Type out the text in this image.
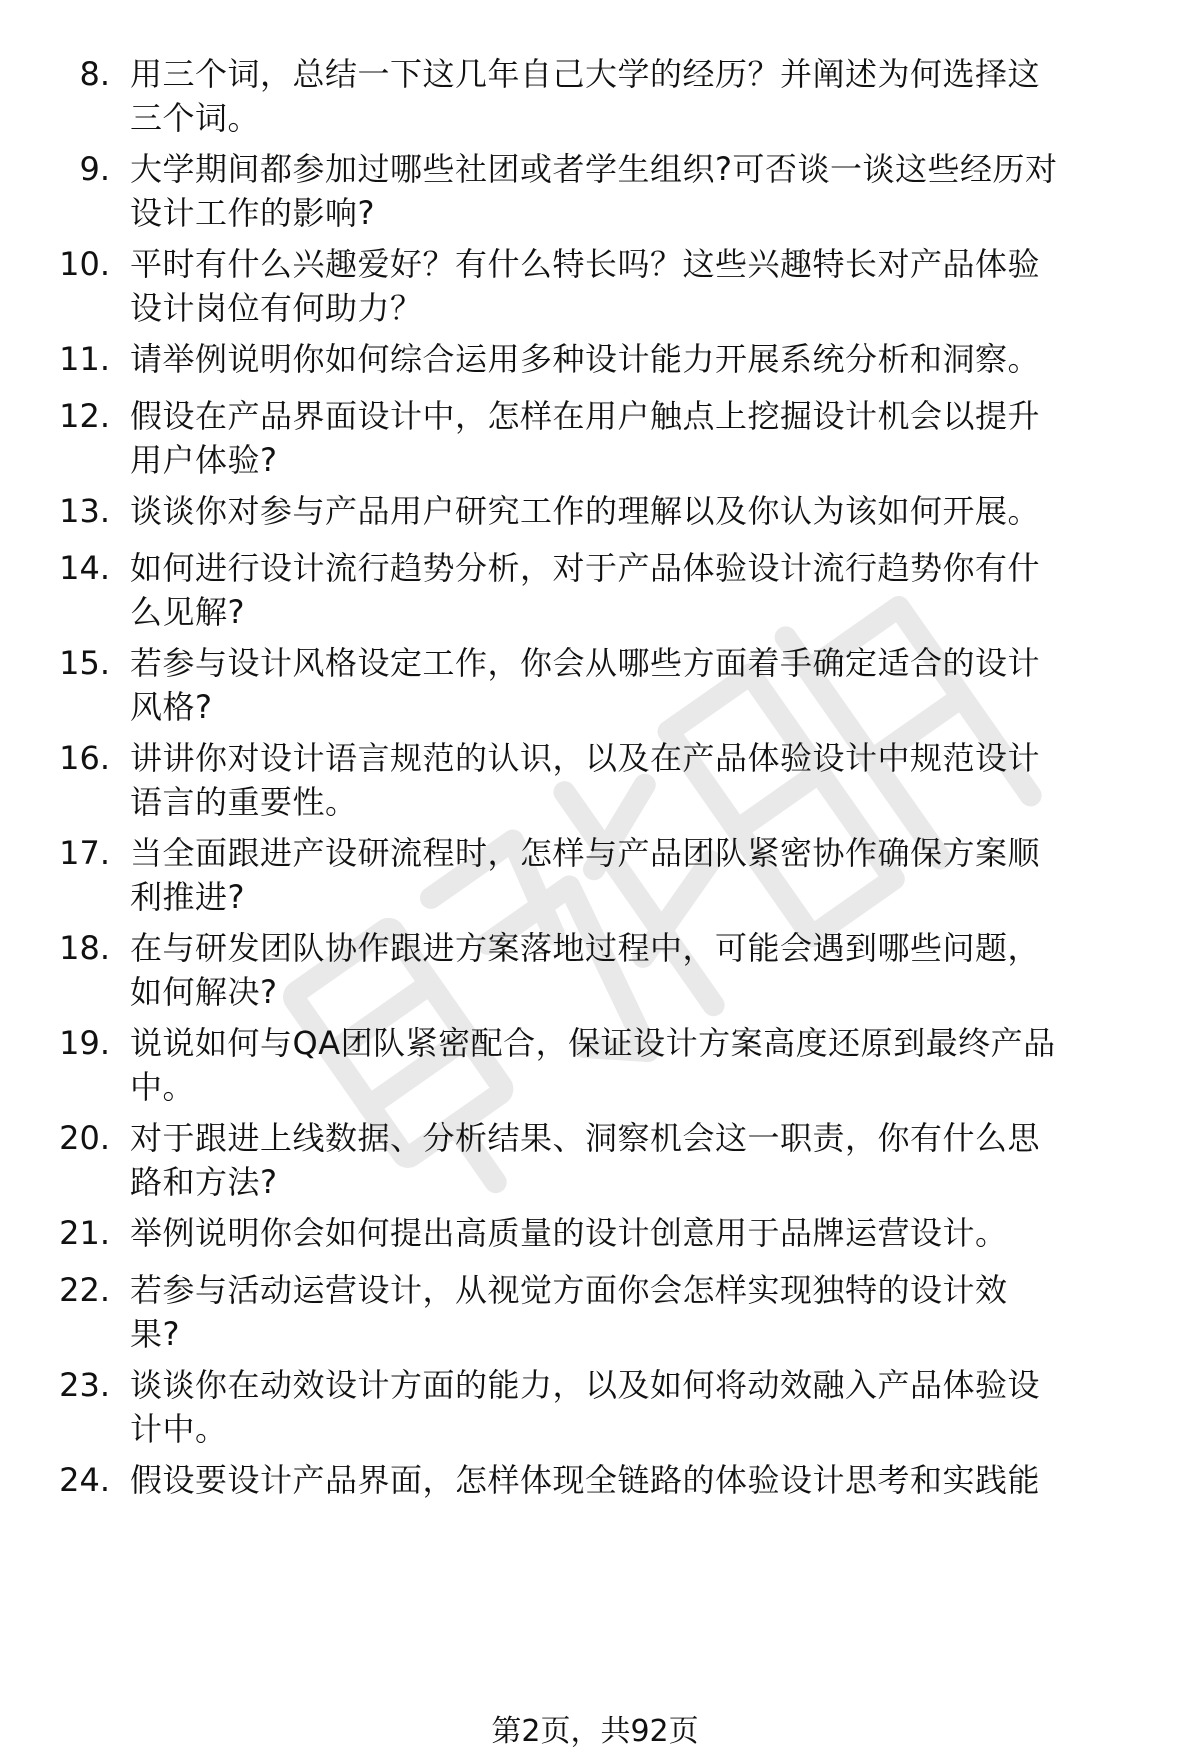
8. 用三个词，总结一下这几年自己大学的经历？并阐述为何选择这
三个词。
9. 大学期间都参加过哪些社团或者学生组织?可否谈一谈这些经历对
设计工作的影响?
10. 平时有什么兴趣爱好？有什么特长吗？这些兴趣特长对产品体验
设计岗位有何助力？
11. 请举例说明你如何综合运用多种设计能力开展系统分析和洞察。
12. 假设在产品界面设计中，怎样在用户触点上挖掘设计机会以提升
用户体验?
13. 谈谈你对参与产品用户研究工作的理解以及你认为该如何开展。
14. 如何进行设计流行趋势分析，对于产品体验设计流行趋势你有什
么见解?
15. 若参与设计风格设定工作，你会从哪些方面着手确定适合的设计
风格?
16. 讲讲你对设计语言规范的认识，以及在产品体验设计中规范设计
语言的重要性。
17. 当全面跟进产设研流程时，怎样与产品团队紧密协作确保方案顺
利推进?
18. 在与研发团队协作跟进方案落地过程中，可能会遇到哪些问题，
如何解决?
19. 说说如何与QA团队紧密配合，保证设计方案高度还原到最终产品
中。
20. 对于跟进上线数据、分析结果、洞察机会这一职责，你有什么思
路和方法?
21. 举例说明你会如何提出高质量的设计创意用于品牌运营设计。
22. 若参与活动运营设计，从视觉方面你会怎样实现独特的设计效
果?
23. 谈谈你在动效设计方面的能力，以及如何将动效融入产品体验设
计中。
24. 假设要设计产品界面，怎样体现全链路的体验设计思考和实践能
第2页，共92页
